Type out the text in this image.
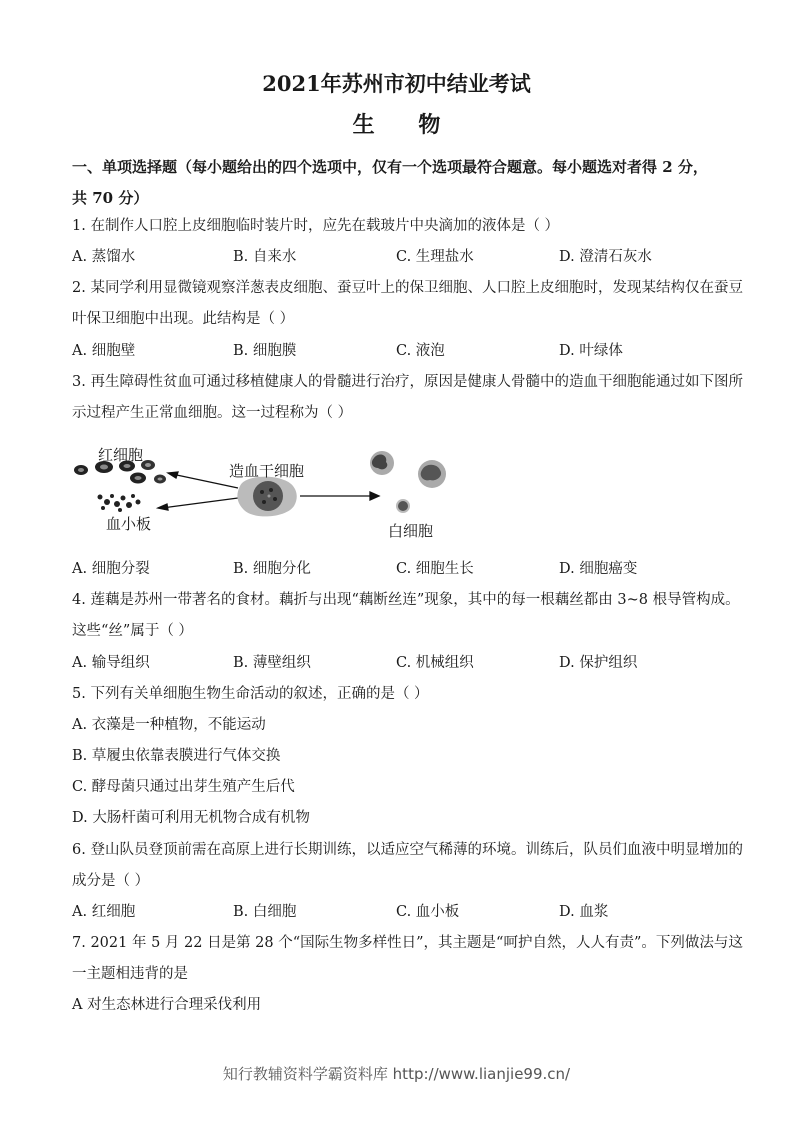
2021年苏州市初中结业考试
生 物
一、单项选择题（每小题给出的四个选项中，仅有一个选项最符合题意。每小题选对者得 2 分，共 70 分）
1. 在制作人口腔上皮细胞临时装片时，应先在载玻片中央滴加的液体是（ ）
A. 蒸馏水	B. 自来水	C. 生理盐水	D. 澄清石灰水
2. 某同学利用显微镜观察洋葱表皮细胞、蚕豆叶上的保卫细胞、人口腔上皮细胞时，发现某结构仅在蚕豆
叶保卫细胞中出现。此结构是（ ）
A. 细胞壁	B. 细胞膜	C. 液泡	D. 叶绿体
3. 再生障碍性贫血可通过移植健康人的骨髓进行治疗，原因是健康人骨髓中的造血干细胞能通过如下图所
示过程产生正常血细胞。这一过程称为（ ）
红细胞
血小板
造血干细胞
白细胞
A. 细胞分裂	B. 细胞分化	C. 细胞生长	D. 细胞癌变
4. 莲藕是苏州一带著名的食材。藕折与出现“藕断丝连”现象，其中的每一根藕丝都由 3~8 根导管构成。
这些“丝”属于（ ）
A. 输导组织	B. 薄壁组织	C. 机械组织	D. 保护组织
5. 下列有关单细胞生物生命活动的叙述，正确的是（ ）
A. 衣藻是一种植物，不能运动
B. 草履虫依靠表膜进行气体交换
C. 酵母菌只通过出芽生殖产生后代
D. 大肠杆菌可利用无机物合成有机物
6. 登山队员登顶前需在高原上进行长期训练，以适应空气稀薄的环境。训练后，队员们血液中明显增加的
成分是（ ）
A. 红细胞	B. 白细胞	C. 血小板	D. 血浆
7. 2021 年 5 月 22 日是第 28 个“国际生物多样性日”，其主题是“呵护自然，人人有责”。下列做法与这
一主题相违背的是
A 对生态林进行合理采伐利用
知行教辅资料学霸资料库 http://www.lianjie99.cn/
